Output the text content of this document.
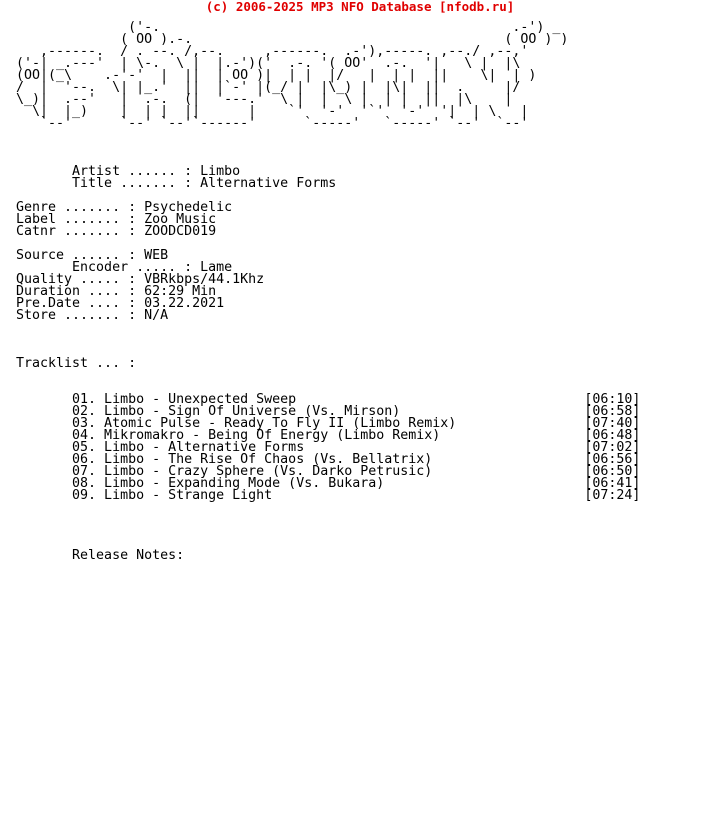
(c) 2006-2025 MP3 NFO Database [nfodb.ru]
('-.                                            .-') _
( OO ).-.                                       ( OO ) )
,------.  / . --. /,--.     ,------.  .-'),-----. ,--./ ,--,'
('-| _.---'  | \-.  \ |  |.-')('  .-. '( OO'  .-.  '|   \ |  |\
(OO|(_\    .-'-'  |  ||  | OO )|  | |  |/   |  | |  ||    \|  | )
/  |  '--.  \| |_.'  ||  |`-' |(_/ |  |\_) |  |\|  ||  .     |/
\_)|  .--'   |  .-.  (|  '---.'  \ |  |  \ |  | |  ||  |\    |
\|  |_)    |  | |  ||      |    `'  '-'  '`'  '-'  '|  | \   |
`--'      `--' `--'`------'      `-----'   `-----' `--'  `--'

Artist ...... : Limbo
Title ....... : Alternative Forms

Genre ....... : Psychedelic
Label ....... : Zoo Music
Catnr ....... : ZOODCD019

Source ...... : WEB
Encoder ..... : Lame
Quality ..... : VBRkbps/44.1Khz
Duration .... : 62:29 Min
Pre.Date .... : 03.22.2021
Store ....... : N/A

Tracklist ... :

01. Limbo - Unexpected Sweep                                    [06:10]
02. Limbo - Sign Of Universe (Vs. Mirson)                       [06:58]
03. Atomic Pulse - Ready To Fly II (Limbo Remix)                [07:40]
04. Mikromakro - Being Of Energy (Limbo Remix)                  [06:48]
05. Limbo - Alternative Forms                                   [07:02]
06. Limbo - The Rise Of Chaos (Vs. Bellatrix)                   [06:56]
07. Limbo - Crazy Sphere (Vs. Darko Petrusic)                   [06:50]
08. Limbo - Expanding Mode (Vs. Bukara)                         [06:41]
09. Limbo - Strange Light                                       [07:24]

Release Notes:
